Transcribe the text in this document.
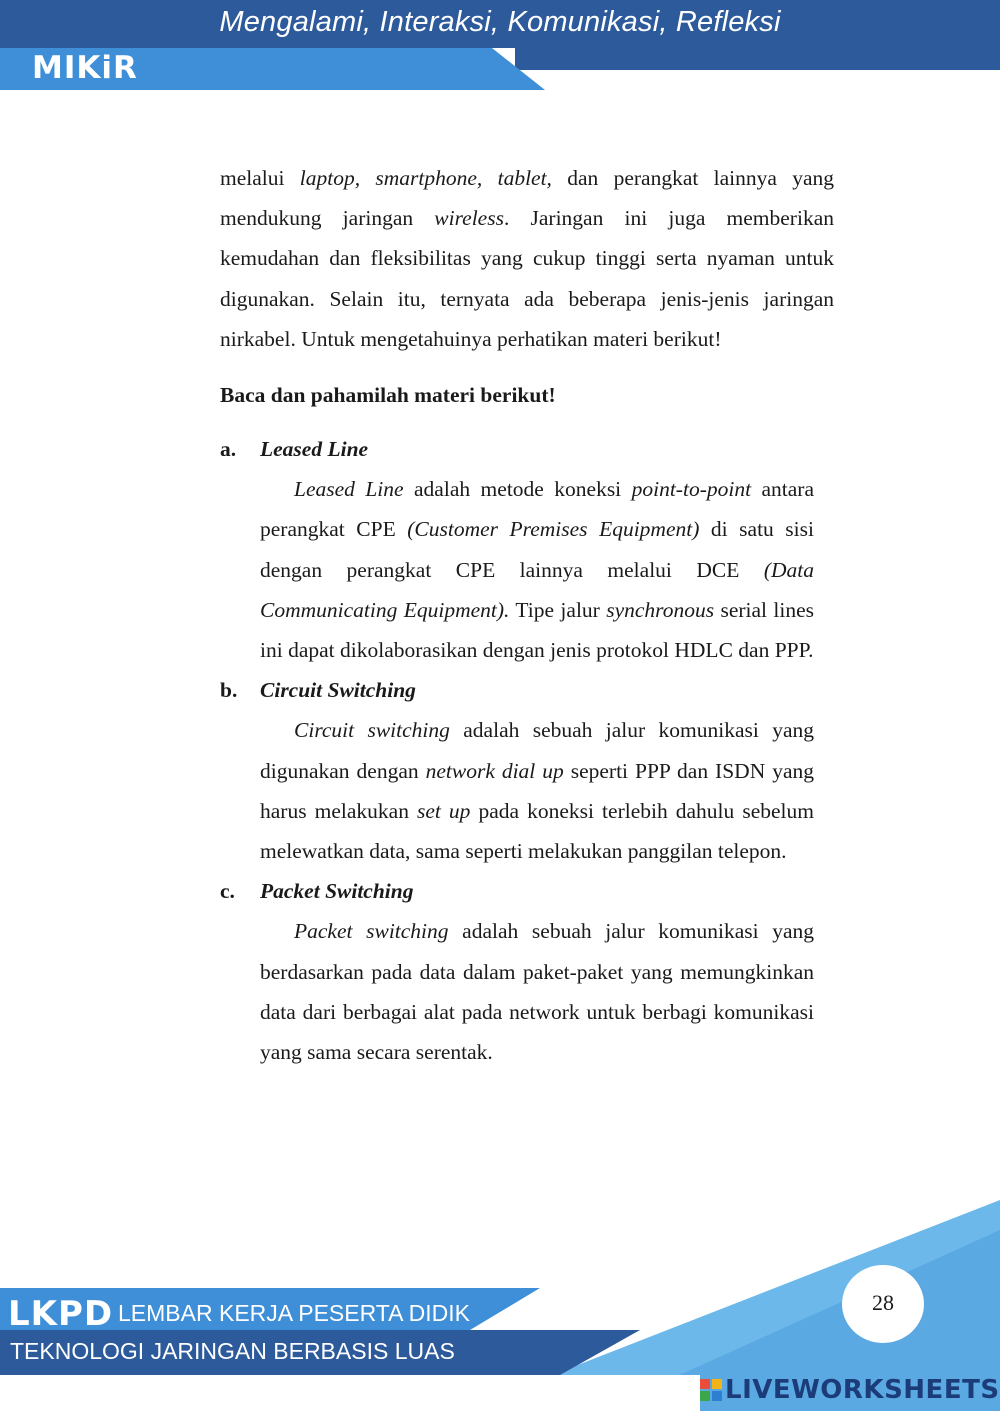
Mengalami, Interaksi, Komunikasi, Refleksi
MIKiR

melalui laptop, smartphone, tablet, dan perangkat lainnya yang mendukung jaringan wireless. Jaringan ini juga memberikan kemudahan dan fleksibilitas yang cukup tinggi serta nyaman untuk digunakan. Selain itu, ternyata ada beberapa jenis-jenis jaringan nirkabel. Untuk mengetahuinya perhatikan materi berikut!

Baca dan pahamilah materi berikut!
a. Leased Line

Leased Line adalah metode koneksi point-to-point antara perangkat CPE (Customer Premises Equipment) di satu sisi dengan perangkat CPE lainnya melalui DCE (Data Communicating Equipment). Tipe jalur synchronous serial lines ini dapat dikolaborasikan dengan jenis protokol HDLC dan PPP.

b. Circuit Switching

Circuit switching adalah sebuah jalur komunikasi yang digunakan dengan network dial up seperti PPP dan ISDN yang harus melakukan set up pada koneksi terlebih dahulu sebelum melewatkan data, sama seperti melakukan panggilan telepon.

c. Packet Switching

Packet switching adalah sebuah jalur komunikasi yang berdasarkan pada data dalam paket-paket yang memungkinkan data dari berbagai alat pada network untuk berbagi komunikasi yang sama secara serentak.

LKPD LEMBAR KERJA PESERTA DIDIK
TEKNOLOGI JARINGAN BERBASIS LUAS
28
LIVEWORKSHEETS
